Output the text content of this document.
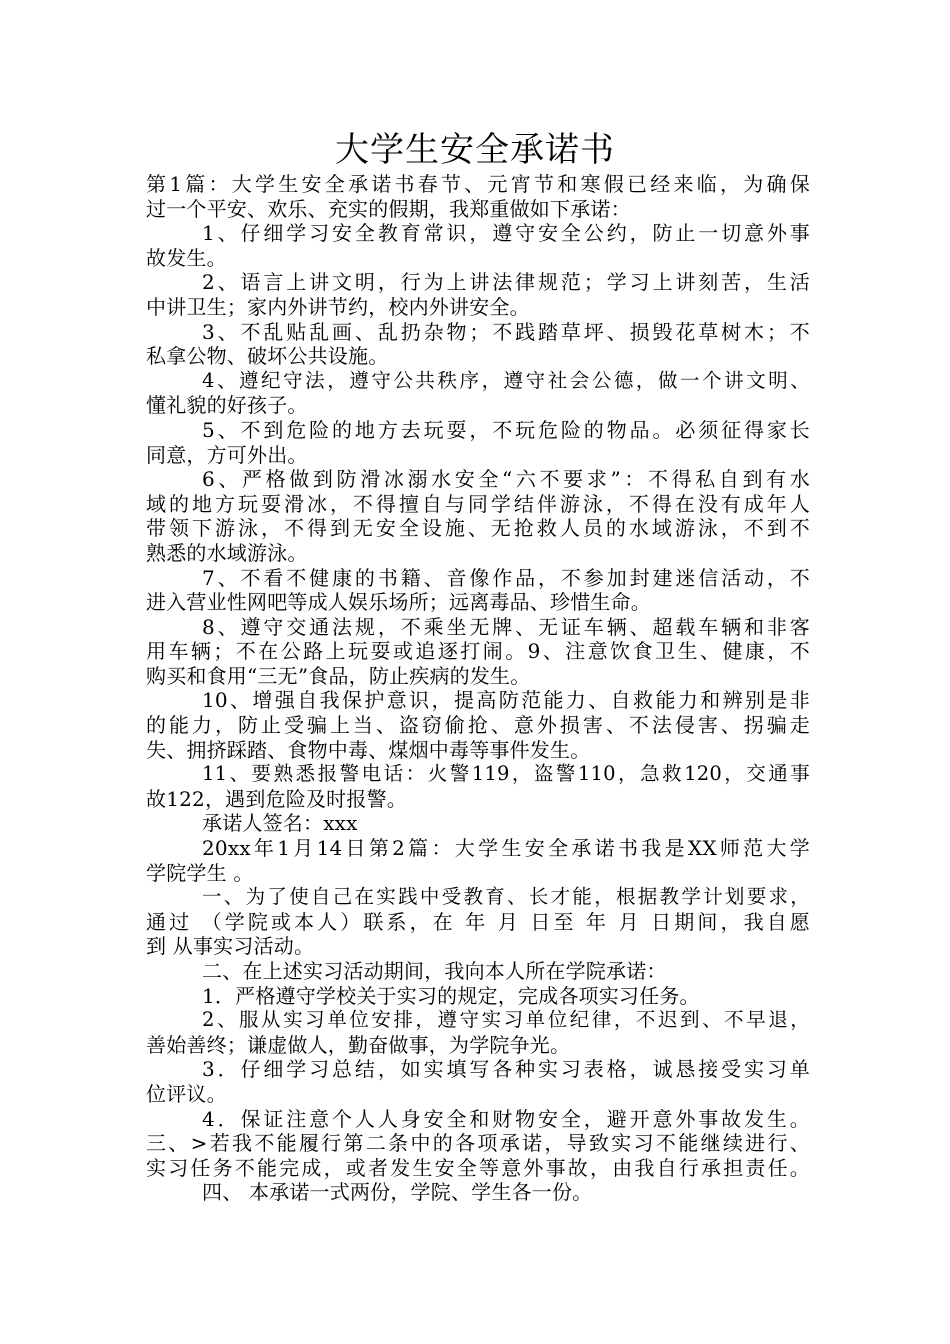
大学生安全承诺书
第1篇：大学生安全承诺书春节、元宵节和寒假已经来临，为确保
过一个平安、欢乐、充实的假期，我郑重做如下承诺：
1、仔细学习安全教育常识，遵守安全公约，防止一切意外事
故发生。
2、语言上讲文明，行为上讲法律规范；学习上讲刻苦，生活
中讲卫生；家内外讲节约，校内外讲安全。
3、不乱贴乱画、乱扔杂物；不践踏草坪、损毁花草树木；不
私拿公物、破坏公共设施。
4、遵纪守法，遵守公共秩序，遵守社会公德，做一个讲文明、
懂礼貌的好孩子。
5、不到危险的地方去玩耍，不玩危险的物品。必须征得家长
同意，方可外出。
6、严格做到防滑冰溺水安全“六不要求”：不得私自到有水
域的地方玩耍滑冰，不得擅自与同学结伴游泳，不得在没有成年人
带领下游泳，不得到无安全设施、无抢救人员的水域游泳，不到不
熟悉的水域游泳。
7、不看不健康的书籍、音像作品，不参加封建迷信活动，不
进入营业性网吧等成人娱乐场所；远离毒品、珍惜生命。
8、遵守交通法规，不乘坐无牌、无证车辆、超载车辆和非客
用车辆；不在公路上玩耍或追逐打闹。9、注意饮食卫生、健康，不
购买和食用“三无”食品，防止疾病的发生。
10、增强自我保护意识，提高防范能力、自救能力和辨别是非
的能力，防止受骗上当、盗窃偷抢、意外损害、不法侵害、拐骗走
失、拥挤踩踏、食物中毒、煤烟中毒等事件发生。
11、要熟悉报警电话：火警119，盗警110，急救120，交通事
故122，遇到危险及时报警。
承诺人签名：xxx
20xx年1月14日第2篇：大学生安全承诺书我是XX师范大学
学院学生 。
一、为了使自己在实践中受教育、长才能，根据教学计划要求，
通过 （学院或本人）联系，在 年 月 日至 年 月 日期间，我自愿
到 从事实习活动。
二、在上述实习活动期间，我向本人所在学院承诺：
1．严格遵守学校关于实习的规定，完成各项实习任务。
2、服从实习单位安排，遵守实习单位纪律，不迟到、不早退，
善始善终；谦虚做人，勤奋做事，为学院争光。
3．仔细学习总结，如实填写各种实习表格，诚恳接受实习单
位评议。
4．保证注意个人人身安全和财物安全，避开意外事故发生。
三、>若我不能履行第二条中的各项承诺，导致实习不能继续进行、
实习任务不能完成，或者发生安全等意外事故，由我自行承担责任。
四、 本承诺一式两份，学院、学生各一份。
